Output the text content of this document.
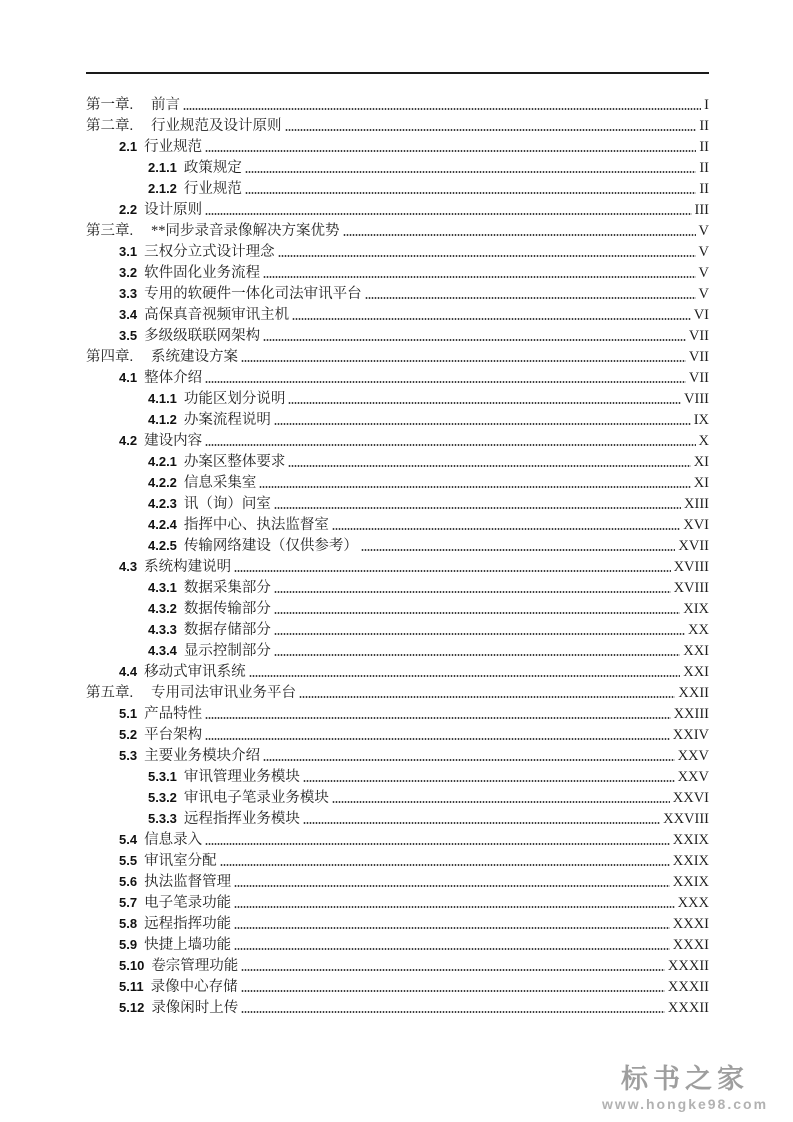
第一章.	前言	I
第二章.	行业规范及设计原则	II
2.1 行业规范	II
2.1.1 政策规定	II
2.1.2 行业规范	II
2.2 设计原则	III
第三章.	**同步录音录像解决方案优势	V
3.1 三权分立式设计理念	V
3.2 软件固化业务流程	V
3.3 专用的软硬件一体化司法审讯平台	V
3.4 高保真音视频审讯主机	VI
3.5 多级级联联网架构	VII
第四章.	系统建设方案	VII
4.1 整体介绍	VII
4.1.1 功能区划分说明	VIII
4.1.2 办案流程说明	IX
4.2 建设内容	X
4.2.1 办案区整体要求	XI
4.2.2 信息采集室	XI
4.2.3 讯（询）问室	XIII
4.2.4 指挥中心、执法监督室	XVI
4.2.5 传输网络建设（仅供参考）	XVII
4.3 系统构建说明	XVIII
4.3.1 数据采集部分	XVIII
4.3.2 数据传输部分	XIX
4.3.3 数据存储部分	XX
4.3.4 显示控制部分	XXI
4.4 移动式审讯系统	XXI
第五章.	专用司法审讯业务平台	XXII
5.1 产品特性	XXIII
5.2 平台架构	XXIV
5.3 主要业务模块介绍	XXV
5.3.1 审讯管理业务模块	XXV
5.3.2 审讯电子笔录业务模块	XXVI
5.3.3 远程指挥业务模块	XXVIII
5.4 信息录入	XXIX
5.5 审讯室分配	XXIX
5.6 执法监督管理	XXIX
5.7 电子笔录功能	XXX
5.8 远程指挥功能	XXXI
5.9 快捷上墙功能	XXXI
5.10 卷宗管理功能	XXXII
5.11 录像中心存储	XXXII
5.12 录像闲时上传	XXXII
标书之家
www.hongke98.com
